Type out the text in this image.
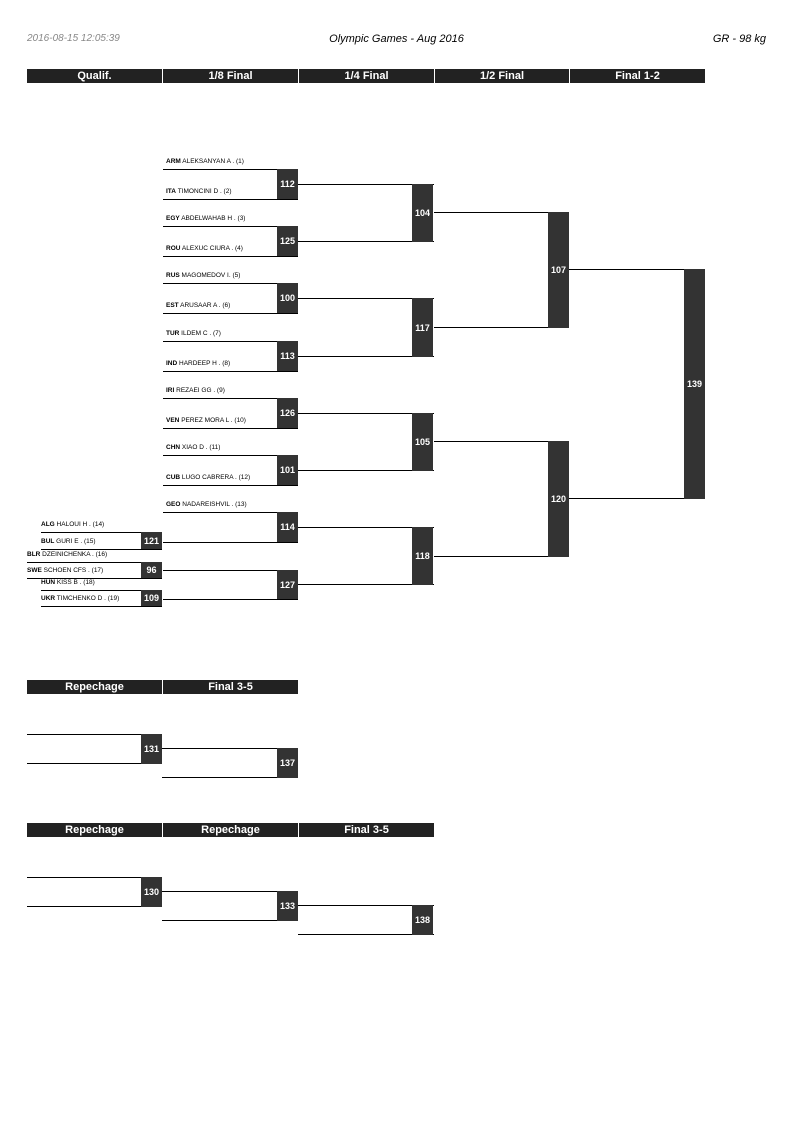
2016-08-15 12:05:39	Olympic Games - Aug 2016	GR - 98 kg
Qualif.	1/8 Final	1/4 Final	1/2 Final	Final 1-2
ARM ALEKSANYAN A . (1)
ITA TIMONCINI D . (2)
EGY ABDELWAHAB H . (3)
ROU ALEXUC CIURA . (4)
RUS MAGOMEDOV I. (5)
EST ARUSAAR A . (6)
TUR ILDEM C . (7)
IND HARDEEP H . (8)
IRI REZAEI GG . (9)
VEN PEREZ MORA L . (10)
CHN XIAO D . (11)
CUB LUGO CABRERA . (12)
GEO NADAREISHVIL . (13)
ALG HALOUI H . (14)
BUL GURI E . (15)
BLR DZEINICHENKA . (16)
SWE SCHOEN CFS . (17)
HUN KISS B . (18)
UKR TIMCHENKO D . (19)
121
96
109
112
125
100
113
126
101
114
127
104
117
105
118
107
120
139
Repechage	Final 3-5
131
137
Repechage	Repechage	Final 3-5
130
133
138
